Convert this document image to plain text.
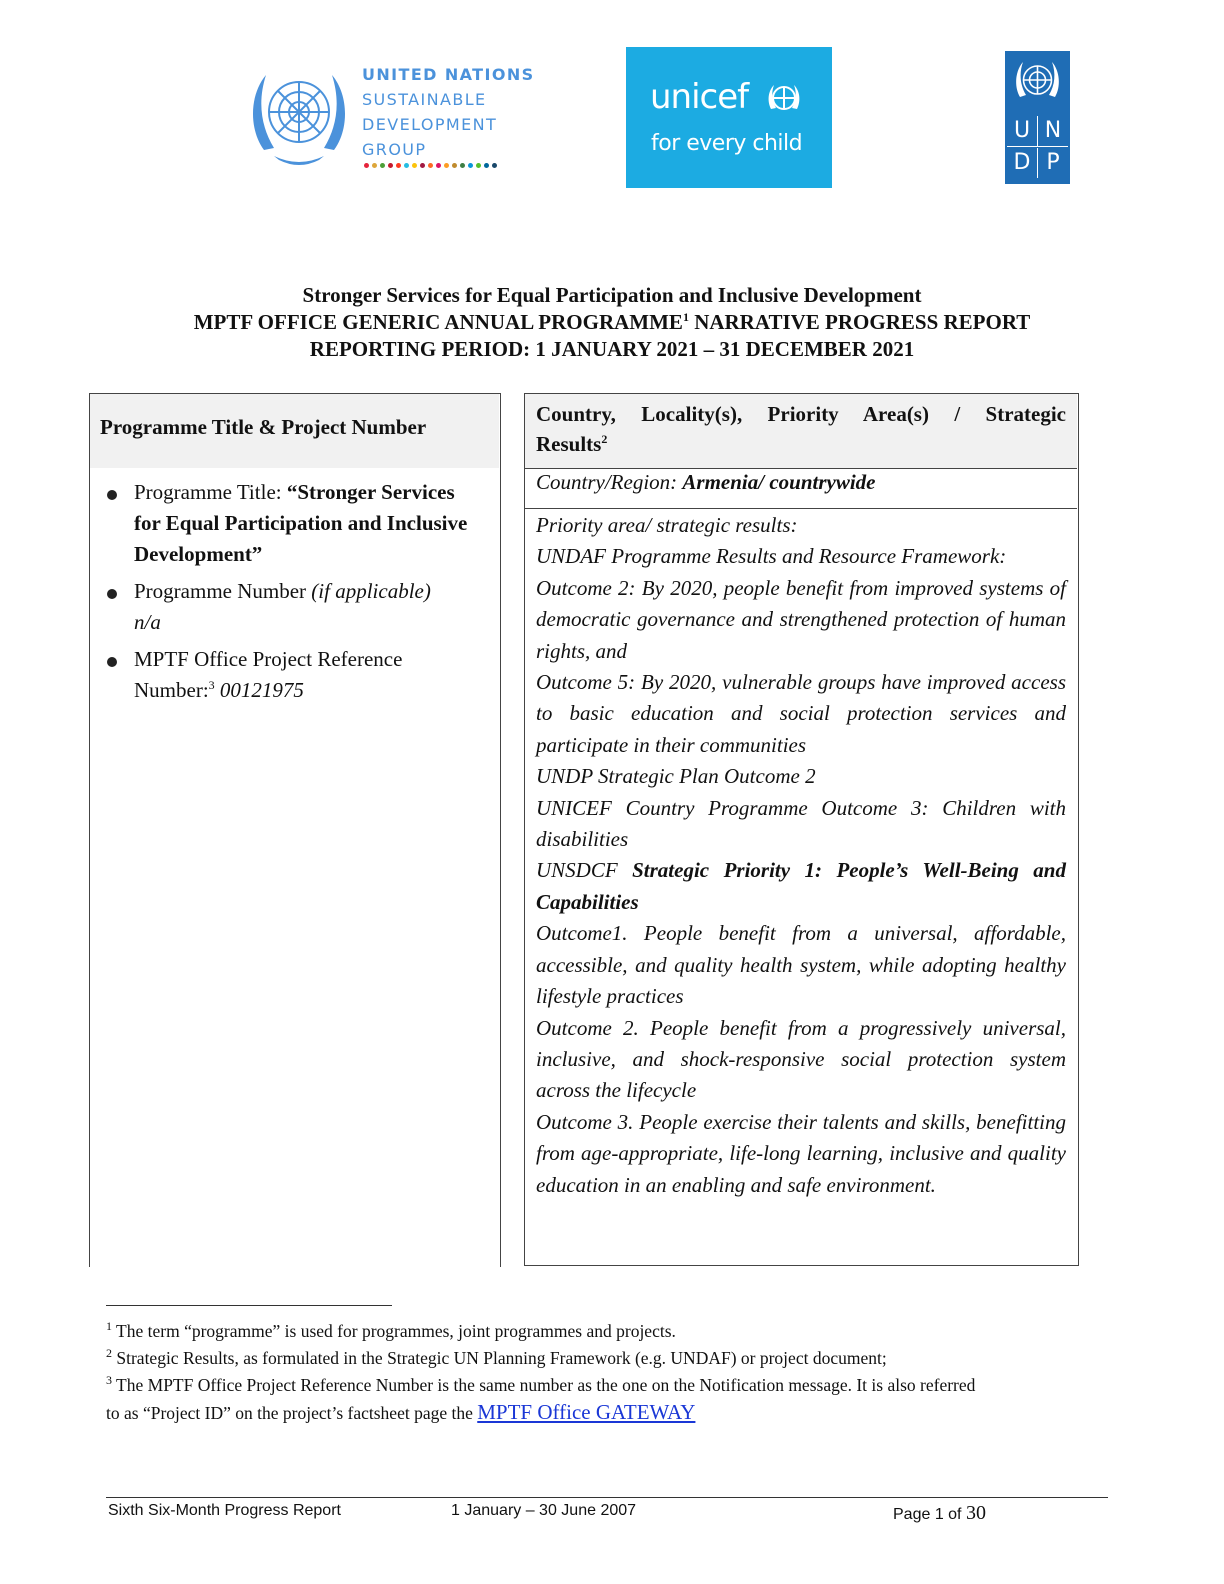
UNITED NATIONS
SUSTAINABLE
DEVELOPMENT
GROUP
unicef
for every child
U N
D P
Stronger Services for Equal Participation and Inclusive Development
MPTF OFFICE GENERIC ANNUAL PROGRAMME$^1$ NARRATIVE PROGRESS REPORT
REPORTING PERIOD: 1 JANUARY 2021 – 31 DECEMBER 2021
Programme Title & Project Number
Programme Title: “Stronger Services for Equal Participation and Inclusive Development”
Programme Number (if applicable)
n/a
MPTF Office Project Reference Number:$^3$ 00121975
Country, Locality(s), Priority Area(s) / Strategic
Results$^2$
Country/Region: Armenia/ countrywide
Priority area/ strategic results:
UNDAF Programme Results and Resource Framework:
Outcome 2: By 2020, people benefit from improved systems of democratic governance and strengthened protection of human rights, and
Outcome 5: By 2020, vulnerable groups have improved access to basic education and social protection services and participate in their communities
UNDP Strategic Plan Outcome 2
UNICEF Country Programme Outcome 3: Children with disabilities
UNSDCF Strategic Priority 1: People’s Well-Being and Capabilities
Outcome1. People benefit from a universal, affordable, accessible, and quality health system, while adopting healthy lifestyle practices
Outcome 2. People benefit from a progressively universal, inclusive, and shock-responsive social protection system across the lifecycle
Outcome 3. People exercise their talents and skills, benefitting from age-appropriate, life-long learning, inclusive and quality education in an enabling and safe environment.
$^1$ The term “programme” is used for programmes, joint programmes and projects.
$^2$ Strategic Results, as formulated in the Strategic UN Planning Framework (e.g. UNDAF) or project document;
$^3$ The MPTF Office Project Reference Number is the same number as the one on the Notification message. It is also referred
to as “Project ID” on the project’s factsheet page the MPTF Office GATEWAY
Sixth Six-Month Progress Report	1 January – 30 June 2007	Page 1 of 30
